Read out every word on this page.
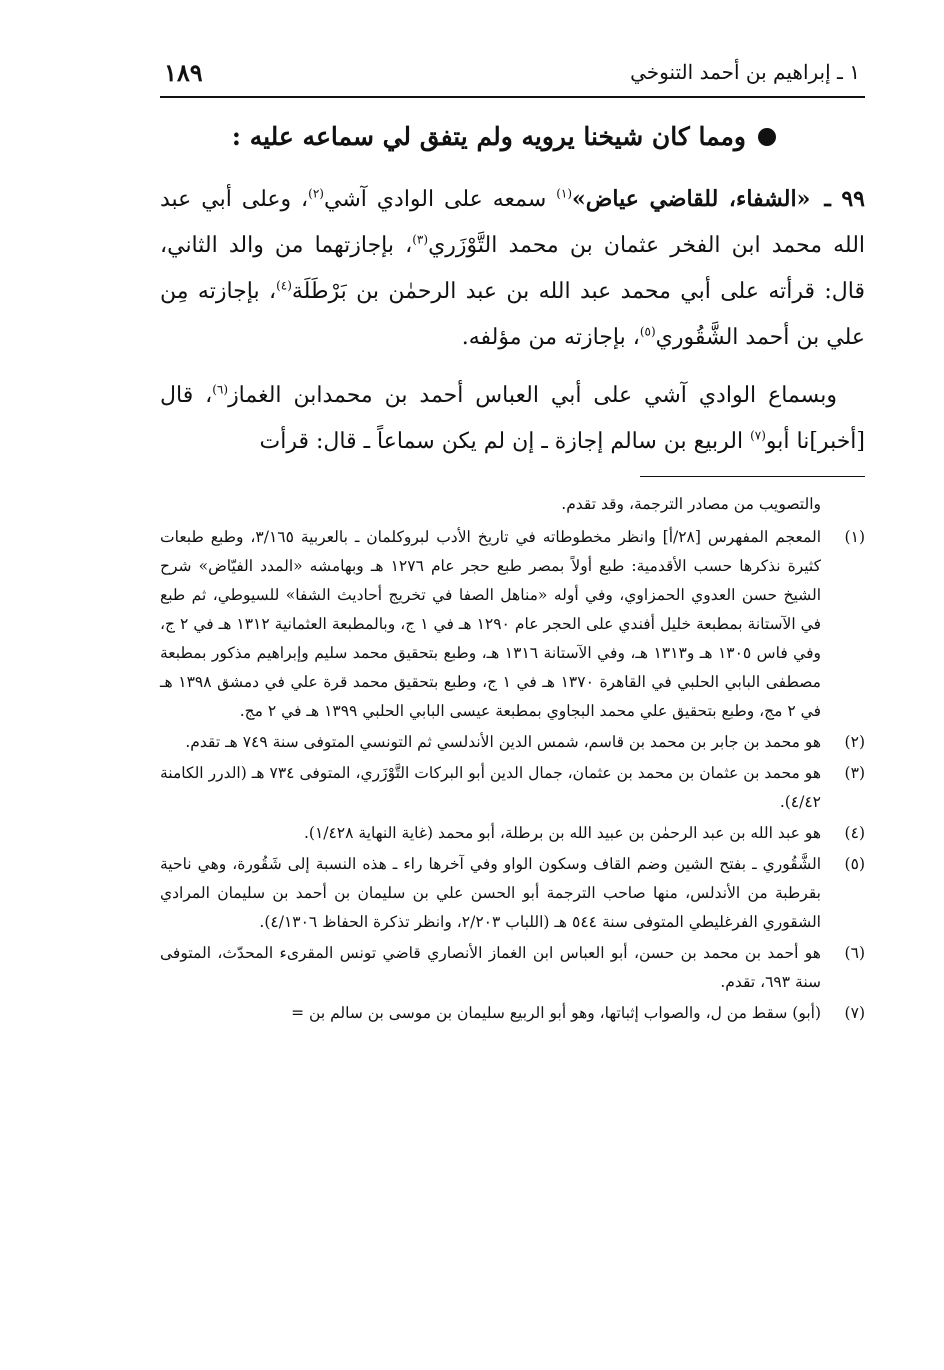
١ ـ إبراهيم بن أحمد التنوخي
١٨٩
ومما كان شيخنا يرويه ولم يتفق لي سماعه عليه :

٩٩ ـ «الشفاء، للقاضي عياض»$^{(١)}$ سمعه على الوادي آشي$^{(٢)}$، وعلى أبي عبد الله محمد ابن الفخر عثمان بن محمد التَّوْزَري$^{(٣)}$، بإجازتهما من والد الثاني، قال: قرأته على أبي محمد عبد الله بن عبد الرحمٰن بن بَرْطَلَة$^{(٤)}$، بإجازته مِن علي بن أحمد الشَّقُوري$^{(٥)}$، بإجازته من مؤلفه.

وبسماع الوادي آشي على أبي العباس أحمد بن محمدابن الغماز$^{(٦)}$، قال [أخبر]نا أبو$^{(٧)}$ الربيع بن سالم إجازة ـ إن لم يكن سماعاً ـ قال: قرأت

والتصويب من مصادر الترجمة، وقد تقدم.
(١)
المعجم المفهرس [٢٨/أ] وانظر مخطوطاته في تاريخ الأدب لبروكلمان ـ بالعربية ٣/١٦٥، وطبع طبعات كثيرة نذكرها حسب الأقدمية: طبع أولاً بمصر طبع حجر عام ١٢٧٦ هـ وبهامشه «المدد الفيّاض» شرح الشيخ حسن العدوي الحمزاوي، وفي أوله «مناهل الصفا في تخريج أحاديث الشفا» للسيوطي، ثم طبع في الآستانة بمطبعة خليل أفندي على الحجر عام ١٢٩٠ هـ في ١ ج، وبالمطبعة العثمانية ١٣١٢ هـ في ٢ ج، وفي فاس ١٣٠٥ هـ و١٣١٣ هـ، وفي الآستانة ١٣١٦ هـ، وطبع بتحقيق محمد سليم وإبراهيم مذكور بمطبعة مصطفى البابي الحلبي في القاهرة ١٣٧٠ هـ في ١ ج، وطبع بتحقيق محمد قرة علي في دمشق ١٣٩٨ هـ في ٢ مج، وطبع بتحقيق علي محمد البجاوي بمطبعة عيسى البابي الحلبي ١٣٩٩ هـ في ٢ مج.
(٢)
هو محمد بن جابر بن محمد بن قاسم، شمس الدين الأندلسي ثم التونسي المتوفى سنة ٧٤٩ هـ تقدم.
(٣)
هو محمد بن عثمان بن محمد بن عثمان، جمال الدين أبو البركات التَّوْزَري، المتوفى ٧٣٤ هـ (الدرر الكامنة ٤/٤٢).
(٤)
هو عبد الله بن عبد الرحمٰن بن عبيد الله بن برطلة، أبو محمد (غاية النهاية ١/٤٢٨).
(٥)
الشَّقُوري ـ بفتح الشين وضم القاف وسكون الواو وفي آخرها راء ـ هذه النسبة إلى شَقُورة، وهي ناحية بقرطبة من الأندلس، منها صاحب الترجمة أبو الحسن علي بن سليمان بن أحمد بن سليمان المرادي الشقوري الفرغليطي المتوفى سنة ٥٤٤ هـ (اللباب ٢/٢٠٣، وانظر تذكرة الحفاظ ٤/١٣٠٦).
(٦)
هو أحمد بن محمد بن حسن، أبو العباس ابن الغماز الأنصاري قاضي تونس المقرىء المحدّث، المتوفى سنة ٦٩٣، تقدم.
(٧)
(أبو) سقط من ل، والصواب إثباتها، وهو أبو الربيع سليمان بن موسى بن سالم بن =
